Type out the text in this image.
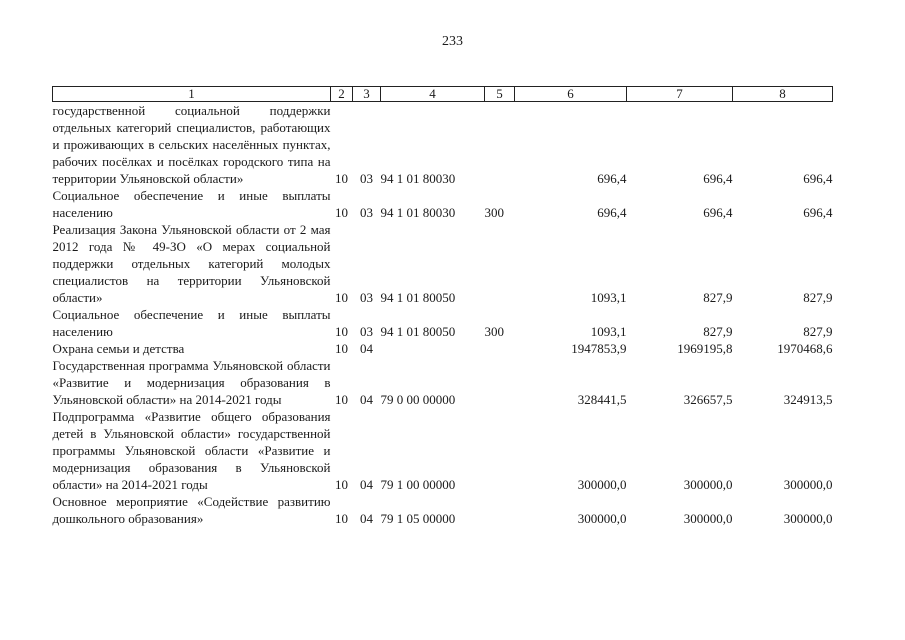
233
1	2	3	4	5	6	7	8
государственной социальной поддержки отдельных категорий специалистов, работающих и проживающих в сельских населённых пунктах, рабочих посёлках и посёлках городского типа на территории Ульяновской области»	10	03	94 1 01 80030		696,4	696,4	696,4
Социальное обеспечение и иные выплаты населению	10	03	94 1 01 80030	300	696,4	696,4	696,4
Реализация Закона Ульяновской области от 2 мая 2012 года № 49-ЗО «О мерах социальной поддержки отдельных категорий молодых специалистов на территории Ульяновской области»	10	03	94 1 01 80050		1093,1	827,9	827,9
Социальное обеспечение и иные выплаты населению	10	03	94 1 01 80050	300	1093,1	827,9	827,9
Охрана семьи и детства	10	04			1947853,9	1969195,8	1970468,6
Государственная программа Ульяновской области «Развитие и модернизация образования в Ульяновской области» на 2014-2021 годы	10	04	79 0 00 00000		328441,5	326657,5	324913,5
Подпрограмма «Развитие общего образования детей в Ульяновской области» государственной программы Ульяновской области «Развитие и модернизация образования в Ульяновской области» на 2014-2021 годы	10	04	79 1 00 00000		300000,0	300000,0	300000,0
Основное мероприятие «Содействие развитию дошкольного образования»	10	04	79 1 05 00000		300000,0	300000,0	300000,0
